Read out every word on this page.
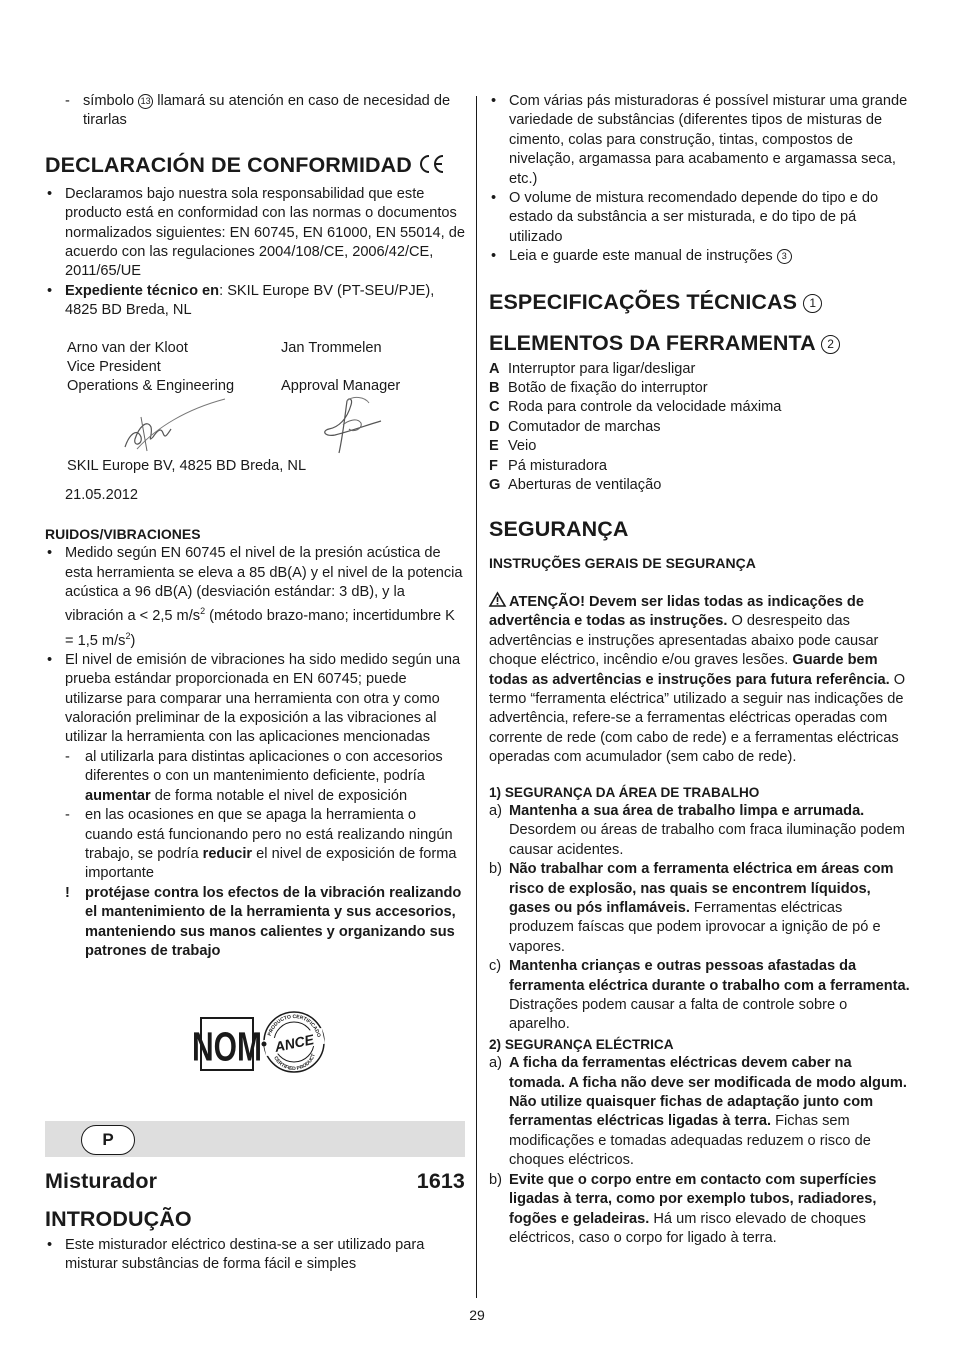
- símbolo 13 llamará su atención en caso de necesidad de tirarlas

DECLARACIÓN DE CONFORMIDAD

• Declaramos bajo nuestra sola responsabilidad que este producto está en conformidad con las normas o documentos normalizados siguientes: EN 60745, EN 61000, EN 55014, de acuerdo con las regulaciones 2004/108/CE, 2006/42/CE, 2011/65/UE

• Expediente técnico en: SKIL Europe BV (PT-SEU/PJE), 4825 BD Breda, NL

Arno van der Kloot

Vice President

Operations & Engineering

Jan Trommelen

Approval Manager

SKIL Europe BV, 4825 BD Breda, NL

21.05.2012

RUIDOS/VIBRACIONES

• Medido según EN 60745 el nivel de la presión acústica de esta herramienta se eleva a 85 dB(A) y el nivel de la potencia acústica a 96 dB(A) (desviación estándar: 3 dB), y la vibración a < 2,5 $m/s^2$ (método brazo-mano; incertidumbre K = 1,5 $m/s^2$)

• El nivel de emisión de vibraciones ha sido medido según una prueba estándar proporcionada en EN 60745; puede utilizarse para comparar una herramienta con otra y como valoración preliminar de la exposición a las vibraciones al utilizar la herramienta con las aplicaciones mencionadas

- al utilizarla para distintas aplicaciones o con accesorios diferentes o con un mantenimiento deficiente, podría aumentar de forma notable el nivel de exposición

- en las ocasiones en que se apaga la herramienta o cuando está funcionando pero no está realizando ningún trabajo, se podría reducir el nivel de exposición de forma importante

! protéjase contra los efectos de la vibración realizando el mantenimiento de la herramienta y sus accesorios, manteniendo sus manos calientes y organizando sus patrones de trabajo

NOM ANCE
PRODUCTO CERTIFICADO
CERTIFIED PRODUCT
P
Misturador	1613
INTRODUÇÃO

• Este misturador eléctrico destina-se a ser utilizado para misturar substâncias de forma fácil e simples

• Com várias pás misturadoras é possível misturar uma grande variedade de substâncias (diferentes tipos de misturas de cimento, colas para construção, tintas, compostos de nivelação, argamassa para acabamento e argamassa seca, etc.)

• O volume de mistura recomendado depende do tipo e do estado da substância a ser misturada, e do tipo de pá utilizado

• Leia e guarde este manual de instruções 3

ESPECIFICAÇÕES TÉCNICAS 1
ELEMENTOS DA FERRAMENTA 2
A Interruptor para ligar/desligar
B Botão de fixação do interruptor
C Roda para controle da velocidade máxima
D Comutador de marchas
E Veio
F Pá misturadora
G Aberturas de ventilação
SEGURANÇA
INSTRUÇÕES GERAIS DE SEGURANÇA

ATENÇÃO! Devem ser lidas todas as indicações de advertência e todas as instruções. O desrespeito das advertências e instruções apresentadas abaixo pode causar choque eléctrico, incêndio e/ou graves lesões. Guarde bem todas as advertências e instruções para futura referência. O termo “ferramenta eléctrica” utilizado a seguir nas indicações de advertência, refere-se a ferramentas eléctricas operadas com corrente de rede (com cabo de rede) e a ferramentas eléctricas operadas com acumulador (sem cabo de rede).

1) SEGURANÇA DA ÁREA DE TRABALHO
a) Mantenha a sua área de trabalho limpa e arrumada. Desordem ou áreas de trabalho com fraca iluminação podem causar acidentes.

b) Não trabalhar com a ferramenta eléctrica em áreas com risco de explosão, nas quais se encontrem líquidos, gases ou pós inflamáveis. Ferramentas eléctricas produzem faíscas que podem iprovocar a ignição de pó e vapores.

c) Mantenha crianças e outras pessoas afastadas da ferramenta eléctrica durante o trabalho com a ferramenta. Distrações podem causar a falta de controle sobre o aparelho.

2) SEGURANÇA ELÉCTRICA
a) A ficha da ferramentas eléctricas devem caber na tomada. A ficha não deve ser modificada de modo algum. Não utilize quaisquer fichas de adaptação junto com ferramentas eléctricas ligadas à terra. Fichas sem modificações e tomadas adequadas reduzem o risco de choques eléctricos.

b) Evite que o corpo entre em contacto com superfícies ligadas à terra, como por exemplo tubos, radiadores, fogões e geladeiras. Há um risco elevado de choques eléctricos, caso o corpo for ligado à terra.

29
